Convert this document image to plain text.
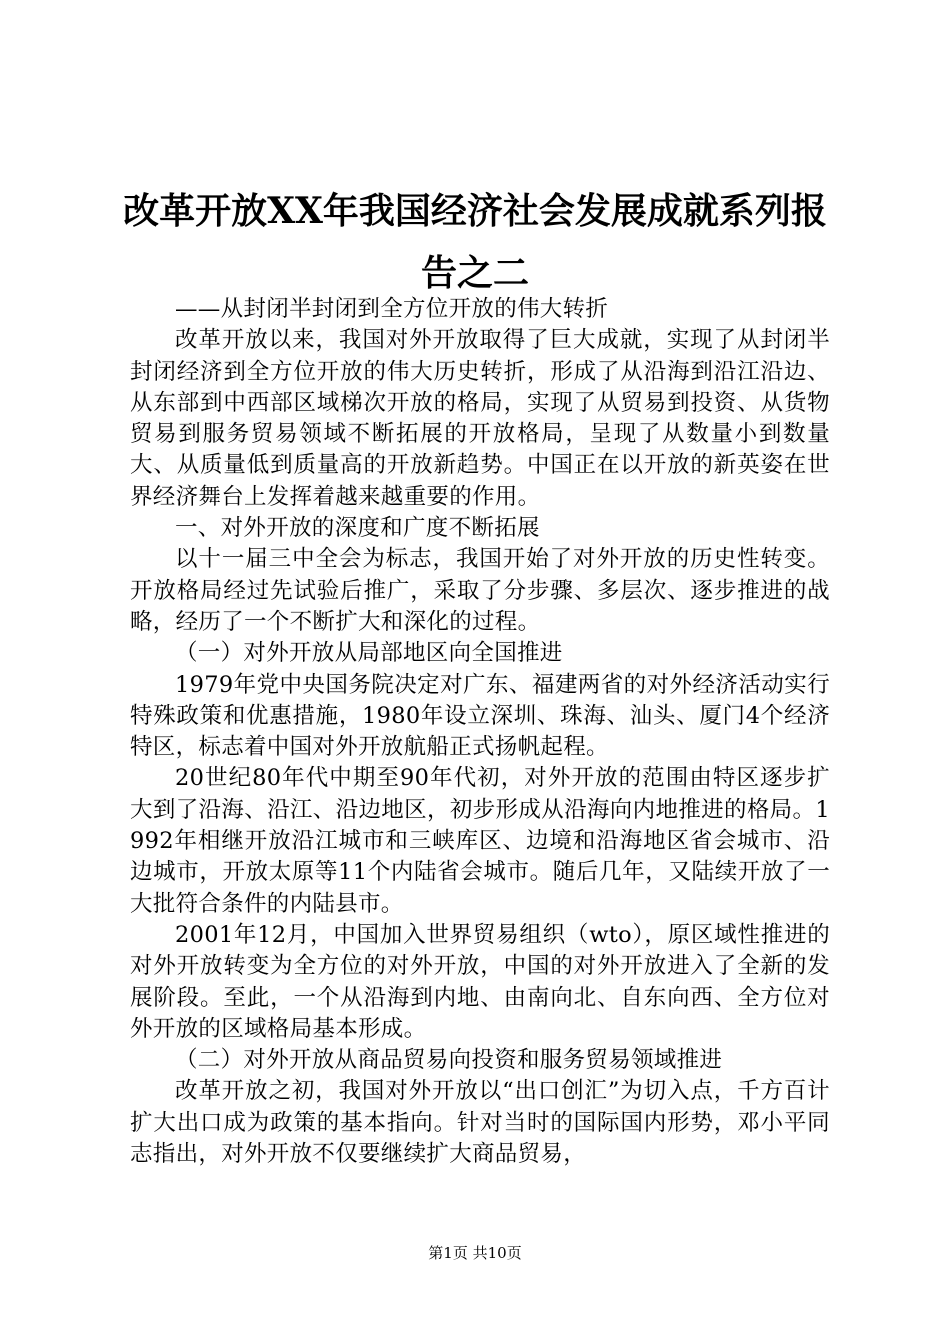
改革开放XX年我国经济社会发展成就系列报告之二

——从封闭半封闭到全方位开放的伟大转折

改革开放以来，我国对外开放取得了巨大成就，实现了从封闭半封闭经济到全方位开放的伟大历史转折，形成了从沿海到沿江沿边、从东部到中西部区域梯次开放的格局，实现了从贸易到投资、从货物贸易到服务贸易领域不断拓展的开放格局，呈现了从数量小到数量大、从质量低到质量高的开放新趋势。中国正在以开放的新英姿在世界经济舞台上发挥着越来越重要的作用。

一、对外开放的深度和广度不断拓展

以十一届三中全会为标志，我国开始了对外开放的历史性转变。开放格局经过先试验后推广，采取了分步骤、多层次、逐步推进的战略，经历了一个不断扩大和深化的过程。

（一）对外开放从局部地区向全国推进

1979年党中央国务院决定对广东、福建两省的对外经济活动实行特殊政策和优惠措施，1980年设立深圳、珠海、汕头、厦门4个经济特区，标志着中国对外开放航船正式扬帆起程。

20世纪80年代中期至90年代初，对外开放的范围由特区逐步扩大到了沿海、沿江、沿边地区，初步形成从沿海向内地推进的格局。1992年相继开放沿江城市和三峡库区、边境和沿海地区省会城市、沿边城市，开放太原等11个内陆省会城市。随后几年，又陆续开放了一大批符合条件的内陆县市。

2001年12月，中国加入世界贸易组织（wto），原区域性推进的对外开放转变为全方位的对外开放，中国的对外开放进入了全新的发展阶段。至此，一个从沿海到内地、由南向北、自东向西、全方位对外开放的区域格局基本形成。

（二）对外开放从商品贸易向投资和服务贸易领域推进

改革开放之初，我国对外开放以“出口创汇”为切入点，千方百计扩大出口成为政策的基本指向。针对当时的国际国内形势，邓小平同志指出，对外开放不仅要继续扩大商品贸易，

第1页 共10页
